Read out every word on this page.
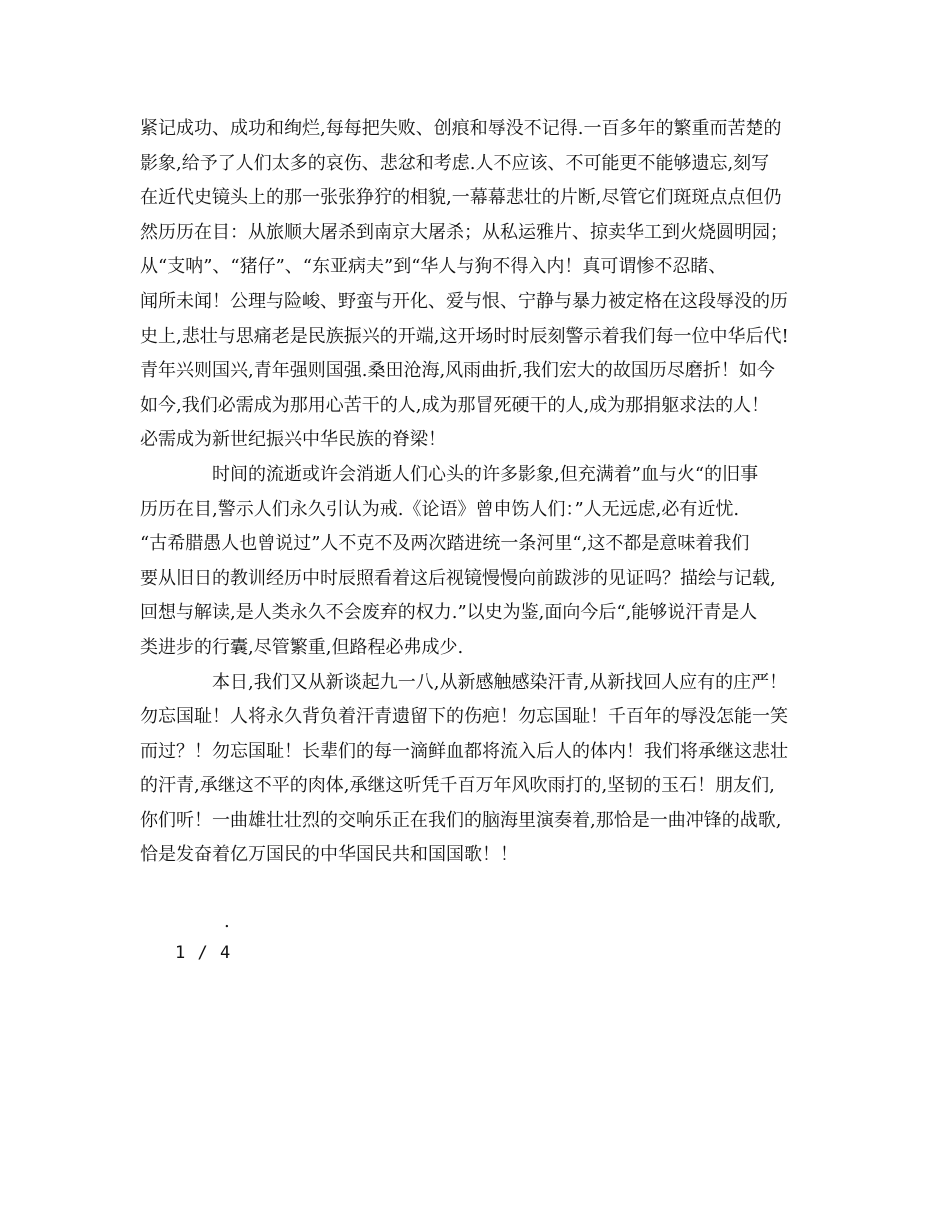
紧记成功、成功和绚烂,每每把失败、创痕和辱没不记得.一百多年的繁重而苦楚的
影象,给予了人们太多的哀伤、悲忿和考虑.人不应该、不可能更不能够遗忘,刻写
在近代史镜头上的那一张张狰狞的相貌,一幕幕悲壮的片断,尽管它们斑斑点点但仍
然历历在目：从旅顺大屠杀到南京大屠杀；从私运雅片、掠卖华工到火烧圆明园；
从“支呐”、“猪仔”、“东亚病夫”到“华人与狗不得入内！真可谓惨不忍睹、
闻所未闻！公理与险峻、野蛮与开化、爱与恨、宁静与暴力被定格在这段辱没的历
史上,悲壮与思痛老是民族振兴的开端,这开场时时辰刻警示着我们每一位中华后代!
青年兴则国兴,青年强则国强.桑田沧海,风雨曲折,我们宏大的故国历尽磨折！如今
如今,我们必需成为那用心苦干的人,成为那冒死硬干的人,成为那捐躯求法的人！
必需成为新世纪振兴中华民族的脊梁！
时间的流逝或许会消逝人们心头的许多影象,但充满着”血与火“的旧事
历历在目,警示人们永久引认为戒.《论语》曾申饬人们：”人无远虑,必有近忧.
“古希腊愚人也曾说过”人不克不及两次踏进统一条河里“,这不都是意味着我们
要从旧日的教训经历中时辰照看着这后视镜慢慢向前跋涉的见证吗？描绘与记载,
回想与解读,是人类永久不会废弃的权力.”以史为鉴,面向今后“,能够说汗青是人
类进步的行囊,尽管繁重,但路程必弗成少.
本日,我们又从新谈起九一八,从新感触感染汗青,从新找回人应有的庄严！
勿忘国耻！人将永久背负着汗青遗留下的伤疤！勿忘国耻！千百年的辱没怎能一笑
而过？！勿忘国耻！长辈们的每一滴鲜血都将流入后人的体内！我们将承继这悲壮
的汗青,承继这不平的肉体,承继这听凭千百万年风吹雨打的,坚韧的玉石！朋友们,
你们听！一曲雄壮壮烈的交响乐正在我们的脑海里演奏着,那恰是一曲冲锋的战歌,
恰是发奋着亿万国民的中华国民共和国国歌！！
.
1 / 4
